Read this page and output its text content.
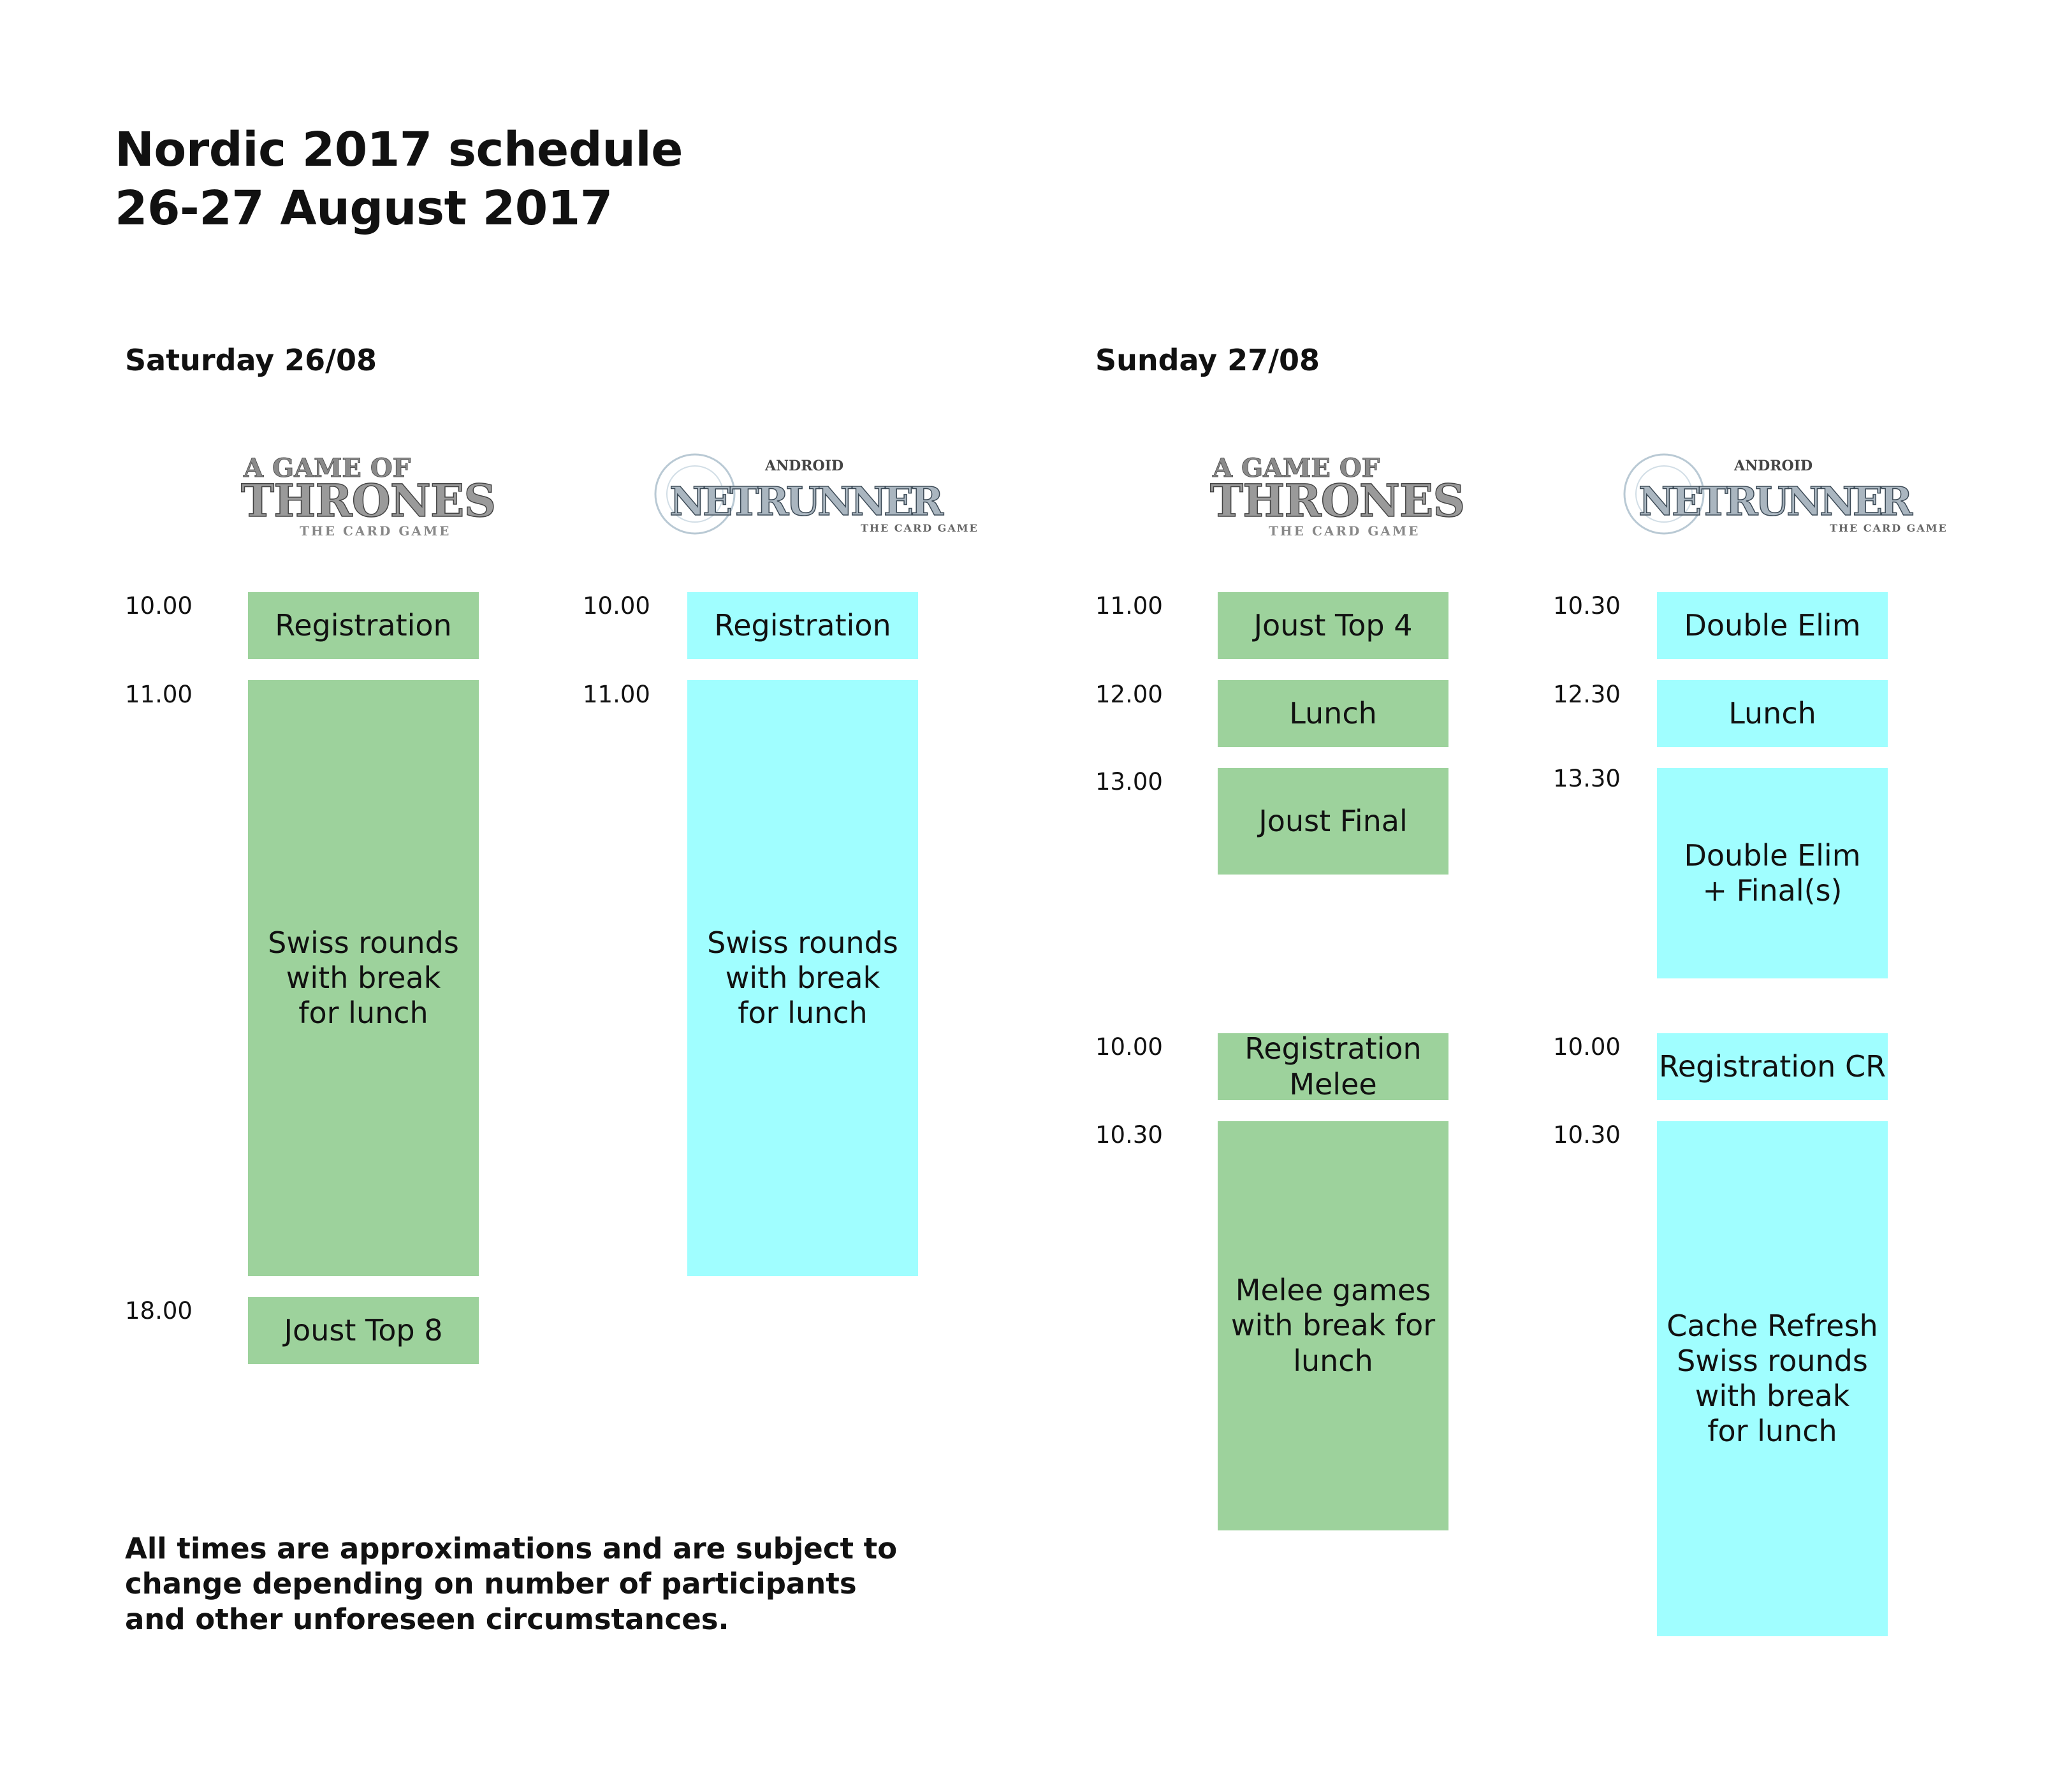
Nordic 2017 schedule
26-27 August 2017
Saturday 26/08	Sunday 27/08
A GAME OF
THRONES
THE CARD GAME
ANDROID
NETRUNNER
THE CARD GAME
A GAME OF
THRONES
THE CARD GAME
ANDROID
NETRUNNER
THE CARD GAME
10.00
Registration
11.00
Swiss rounds
with break
for lunch
18.00
Joust Top 8
10.00
Registration
11.00
Swiss rounds
with break
for lunch
11.00
Joust Top 4
12.00
Lunch
13.00
Joust Final
10.00	Registration
Melee
10.30
Melee games
with break for
lunch
10.30
Double Elim
12.30
Lunch
13.30
Double Elim
+ Final(s)
10.00
Registration CR
10.30
Cache Refresh
Swiss rounds
with break
for lunch
All times are approximations and are subject to
change depending on number of participants
and other unforeseen circumstances.
